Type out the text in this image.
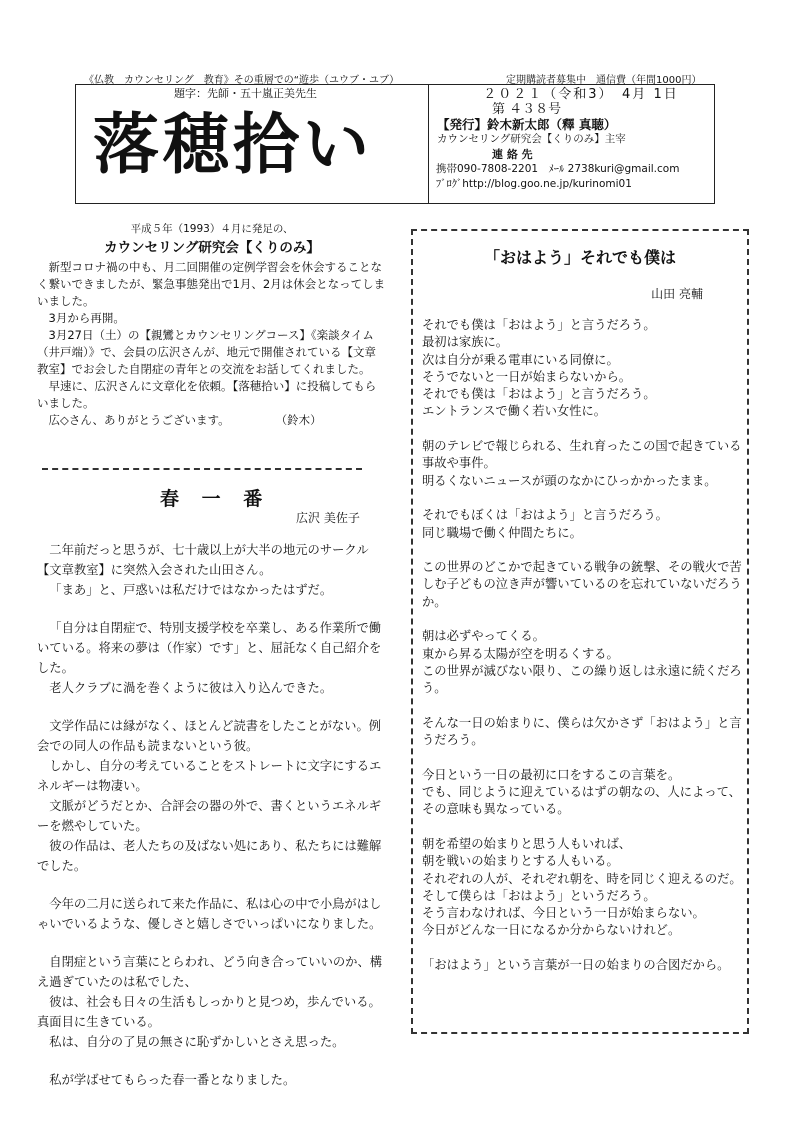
《仏教　カウンセリング　教育》その重層での“遊歩（ユウブ・ユブ）	定期購読者募集中　通信費（年間1000円）
題字：先師・五十嵐正美先生
落穂拾い
２０２１（令和3）　4月 1日
第 ４３８号
【発行】鈴木新太郎（釋 真聴）
カウンセリング研究会【くりのみ】主宰
連 絡 先
携帯090-7808-2201　ﾒｰﾙ 2738kuri@gmail.com
ﾌﾞﾛｸﾞhttp://blog.goo.ne.jp/kurinomi01
平成５年（1993）４月に発足の、
カウンセリング研究会【くりのみ】

新型コロナ禍の中も、月二回開催の定例学習会を休会することなく繋いできましたが、緊急事態発出で1月、2月は休会となってしまいました。

3月から再開。

3月27日（土）の【親鸞とカウンセリングコース】《楽談タイム（井戸端）》で、会員の広沢さんが、地元で開催されている【文章教室】でお会した自閉症の青年との交流をお話してくれました。

早速に、広沢さんに文章化を依頼。【落穂拾い】に投稿してもらいました。

広◇さん、ありがとうございます。　　　　　（鈴木）

春 一 番
広沢 美佐子

二年前だっと思うが、七十歳以上が大半の地元のサークル【文章教室】に突然入会された山田さん。

「まあ」と、戸惑いは私だけではなかったはずだ。

「自分は自閉症で、特別支援学校を卒業し、ある作業所で働いている。将来の夢は（作家）です」と、屈託なく自己紹介をした。

老人クラブに渦を巻くように彼は入り込んできた。

文学作品には縁がなく、ほとんど読書をしたことがない。例会での同人の作品も読まないという彼。

しかし、自分の考えていることをストレートに文字にするエネルギーは物凄い。

文脈がどうだとか、合評会の器の外で、書くというエネルギーを燃やしていた。

彼の作品は、老人たちの及ばない処にあり、私たちには難解でした。

今年の二月に送られて来た作品に、私は心の中で小鳥がはしゃいでいるような、優しさと嬉しさでいっぱいになりました。

自閉症という言葉にとらわれ、どう向き合っていいのか、構え過ぎていたのは私でした、

彼は、社会も日々の生活もしっかりと見つめ，歩んでいる。真面目に生きている。

私は、自分の了見の無さに恥ずかしいとさえ思った。

私が学ばせてもらった春一番となりました。

「おはよう」それでも僕は
山田 亮輔
それでも僕は「おはよう」と言うだろう。
最初は家族に。
次は自分が乗る電車にいる同僚に。
そうでないと一日が始まらないから。
それでも僕は「おはよう」と言うだろう。
エントランスで働く若い女性に。
朝のテレビで報じられる、生れ育ったこの国で起きている事故や事件。
明るくないニュースが頭のなかにひっかかったまま。
それでもぼくは「おはよう」と言うだろう。
同じ職場で働く仲間たちに。
この世界のどこかで起きている戦争の銃撃、その戦火で苦しむ子どもの泣き声が響いているのを忘れていないだろうか。
朝は必ずやってくる。
東から昇る太陽が空を明るくする。
この世界が滅びない限り、この繰り返しは永遠に続くだろう。
そんな一日の始まりに、僕らは欠かさず「おはよう」と言うだろう。
今日という一日の最初に口をするこの言葉を。
でも、同じように迎えているはずの朝なの、人によって、その意味も異なっている。
朝を希望の始まりと思う人もいれば、
朝を戦いの始まりとする人もいる。
それぞれの人が、それぞれ朝を、時を同じく迎えるのだ。
そして僕らは「おはよう」というだろう。
そう言わなければ、今日という一日が始まらない。
今日がどんな一日になるか分からないけれど。
「おはよう」という言葉が一日の始まりの合図だから。
